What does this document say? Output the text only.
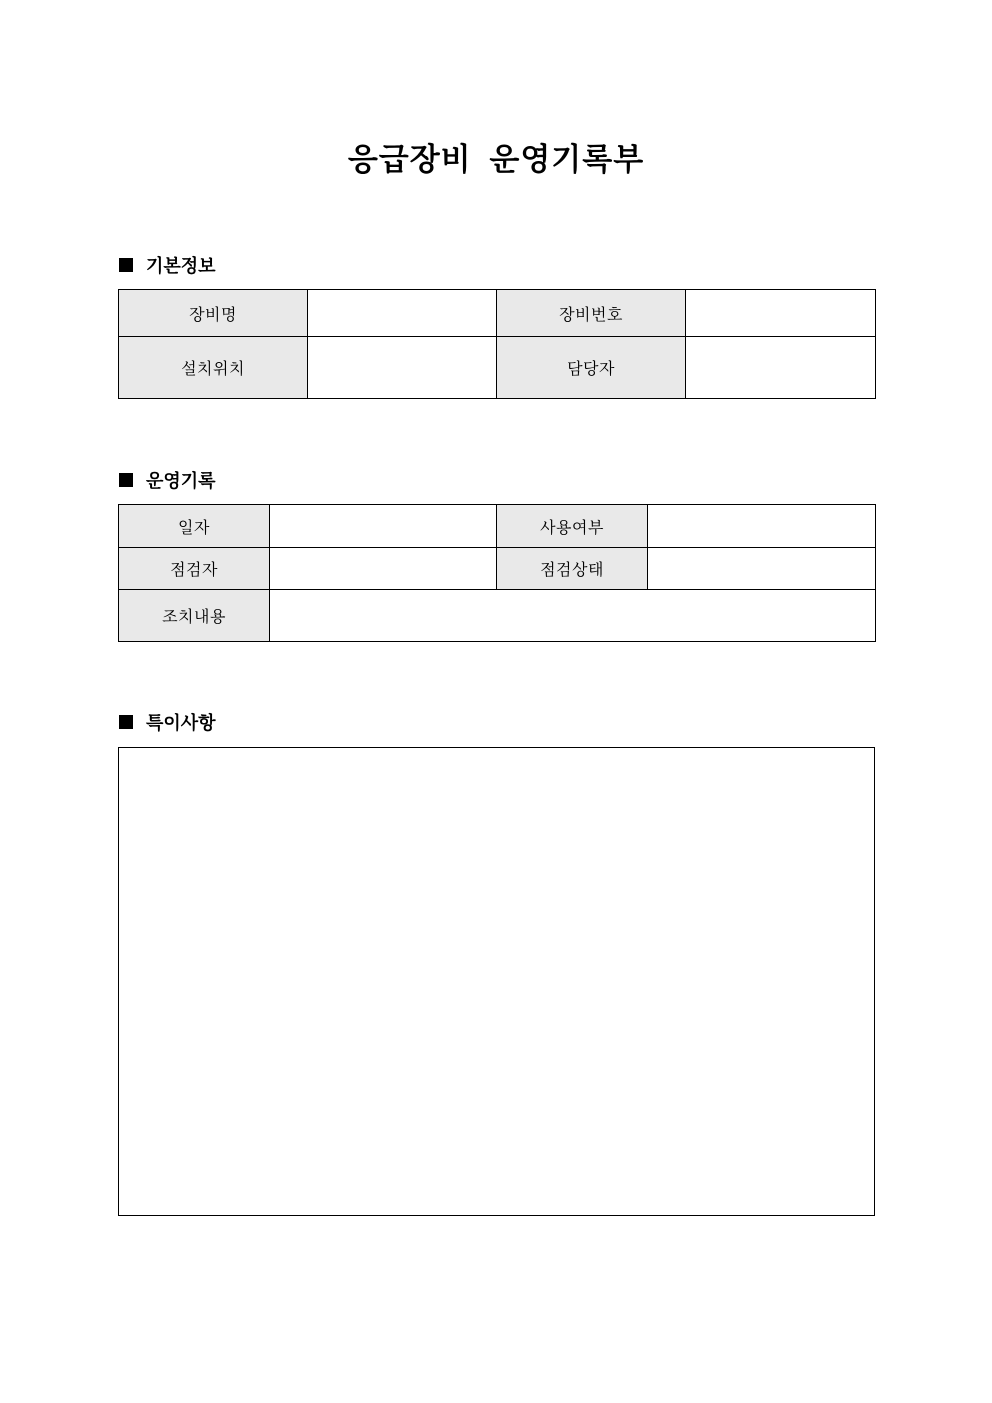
응급장비 운영기록부
기본정보
장비명		장비번호	
설치위치		담당자	
운영기록
일자		사용여부	
점검자		점검상태	
조치내용			
특이사항
